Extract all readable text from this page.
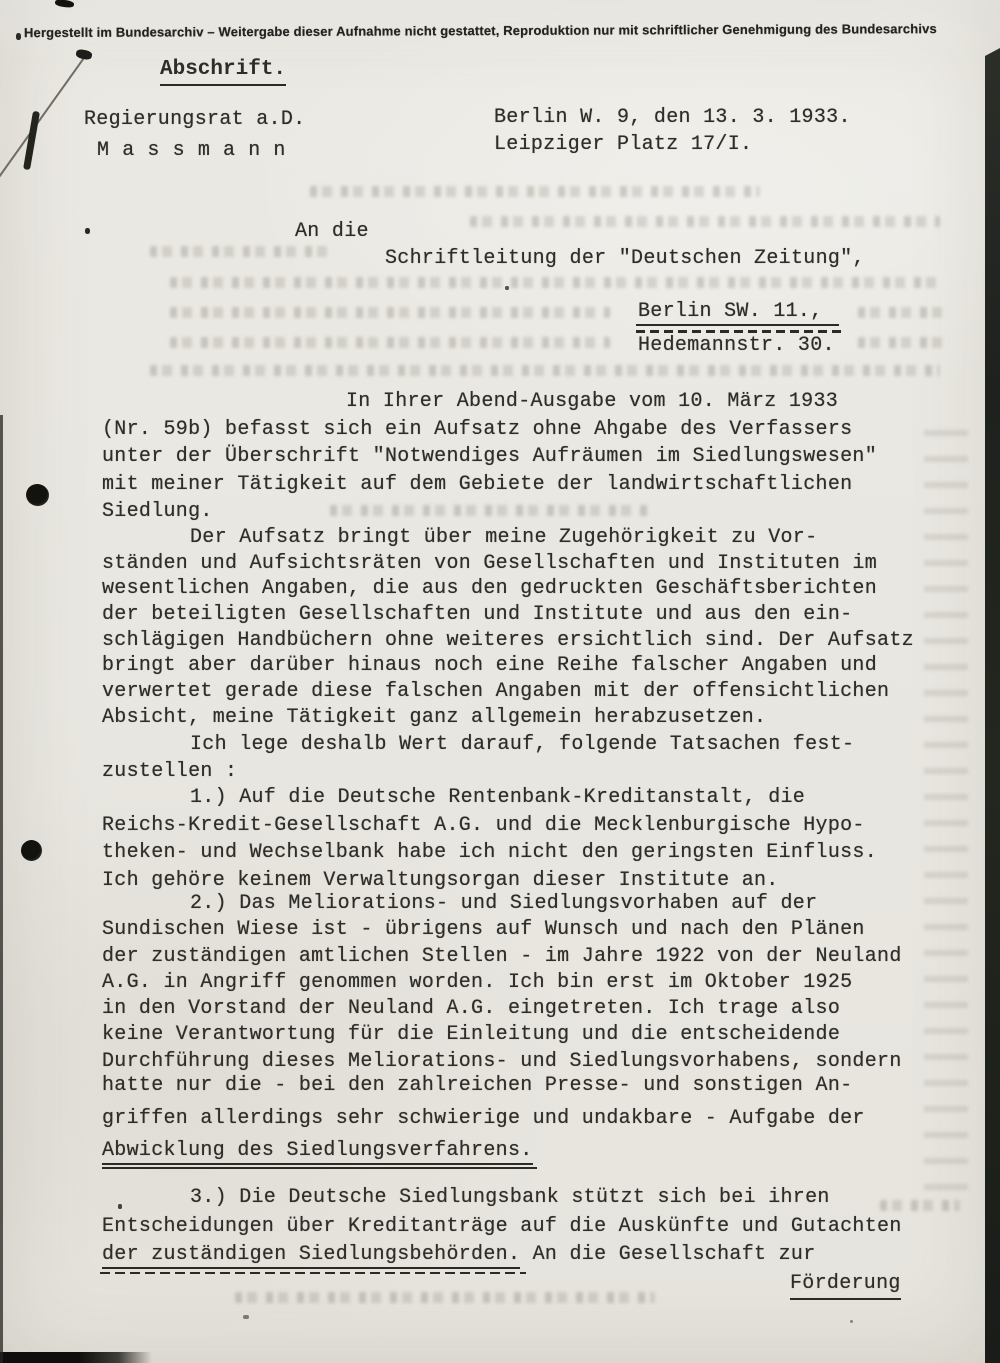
Hergestellt im Bundesarchiv – Weitergabe dieser Aufnahme nicht gestattet, Reproduktion nur mit schriftlicher Genehmigung des Bundesarchivs
Abschrift.
Regierungsrat a.D.
M a s s m a n n
Berlin W. 9, den 13. 3. 1933.
Leipziger Platz 17/I.
An die
Schriftleitung der "Deutschen Zeitung",
Berlin SW. 11.,
Hedemannstr. 30.
In Ihrer Abend-Ausgabe vom 10. März 1933
(Nr. 59b) befasst sich ein Aufsatz ohne Ahgabe des Verfassers
unter der Überschrift "Notwendiges Aufräumen im Siedlungswesen"
mit meiner Tätigkeit auf dem Gebiete der landwirtschaftlichen
Siedlung.
Der Aufsatz bringt über meine Zugehörigkeit zu Vor-
ständen und Aufsichtsräten von Gesellschaften und Instituten im
wesentlichen Angaben, die aus den gedruckten Geschäftsberichten
der beteiligten Gesellschaften und Institute und aus den ein-
schlägigen Handbüchern ohne weiteres ersichtlich sind. Der Aufsatz
bringt aber darüber hinaus noch eine Reihe falscher Angaben und
verwertet gerade diese falschen Angaben mit der offensichtlichen
Absicht, meine Tätigkeit ganz allgemein herabzusetzen.
Ich lege deshalb Wert darauf, folgende Tatsachen fest-
zustellen :
1.) Auf die Deutsche Rentenbank-Kreditanstalt, die
Reichs-Kredit-Gesellschaft A.G. und die Mecklenburgische Hypo-
theken- und Wechselbank habe ich nicht den geringsten Einfluss.
Ich gehöre keinem Verwaltungsorgan dieser Institute an.
2.) Das Meliorations- und Siedlungsvorhaben auf der
Sundischen Wiese ist - übrigens auf Wunsch und nach den Plänen
der zuständigen amtlichen Stellen - im Jahre 1922 von der Neuland
A.G. in Angriff genommen worden. Ich bin erst im Oktober 1925
in den Vorstand der Neuland A.G. eingetreten. Ich trage also
keine Verantwortung für die Einleitung und die entscheidende
Durchführung dieses Meliorations- und Siedlungsvorhabens, sondern
hatte nur die - bei den zahlreichen Presse- und sonstigen An-
griffen allerdings sehr schwierige und undakbare - Aufgabe der
Abwicklung des Siedlungsverfahrens.
3.) Die Deutsche Siedlungsbank stützt sich bei ihren
Entscheidungen über Kreditanträge auf die Auskünfte und Gutachten
der zuständigen Siedlungsbehörden. An die Gesellschaft zur
Förderung
